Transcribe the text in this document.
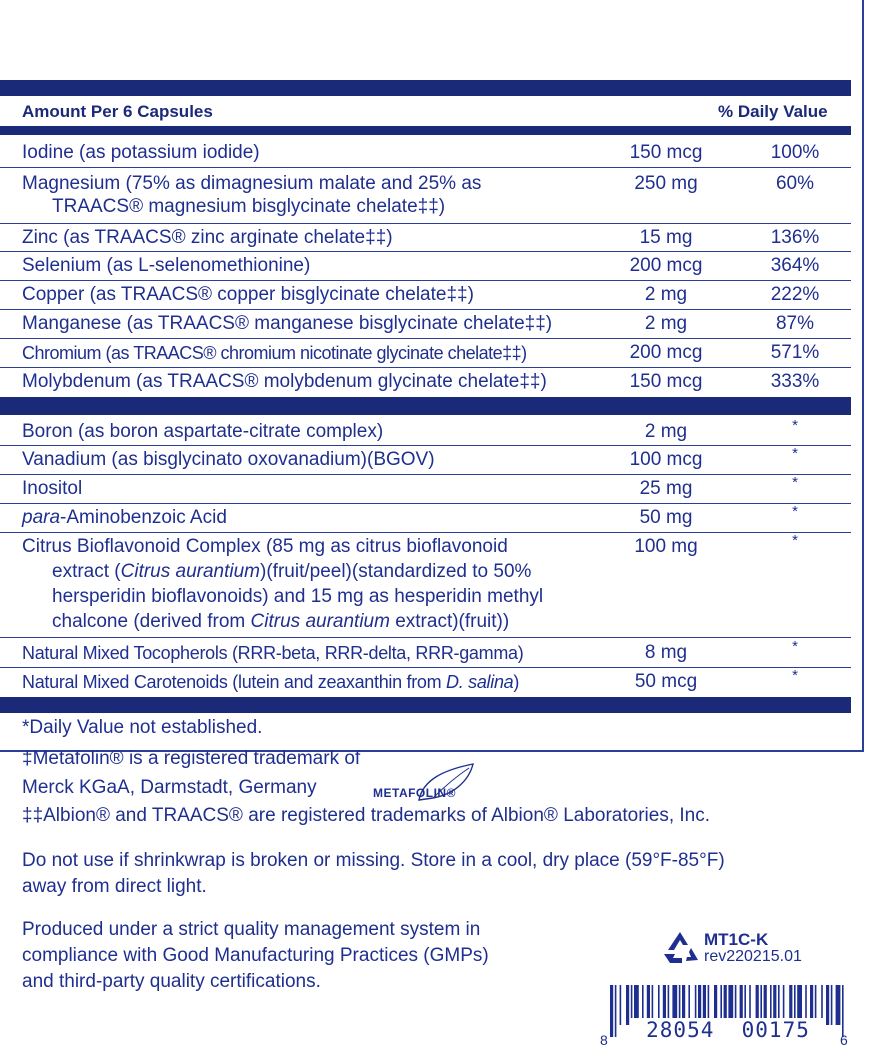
Amount Per 6 Capsules	% Daily Value
Iodine (as potassium iodide)	150 mcg	100%
Magnesium (75% as dimagnesium malate and 25% as
TRAACS® magnesium bisglycinate chelate‡‡)
250 mg	60%
Zinc (as TRAACS® zinc arginate chelate‡‡)	15 mg	136%
Selenium (as L-selenomethionine)	200 mcg	364%
Copper (as TRAACS® copper bisglycinate chelate‡‡)	2 mg	222%
Manganese (as TRAACS® manganese bisglycinate chelate‡‡)	2 mg	87%
Chromium (as TRAACS® chromium nicotinate glycinate chelate‡‡)	200 mcg	571%
Molybdenum (as TRAACS® molybdenum glycinate chelate‡‡)	150 mcg	333%
Boron (as boron aspartate-citrate complex)	2 mg	*
Vanadium (as bisglycinato oxovanadium)(BGOV)	100 mcg	*
Inositol	25 mg	*
para-Aminobenzoic Acid	50 mg	*
Citrus Bioflavonoid Complex (85 mg as citrus bioflavonoid
extract (Citrus aurantium)(fruit/peel)(standardized to 50%
hersperidin bioflavonoids) and 15 mg as hesperidin methyl
chalcone (derived from Citrus aurantium extract)(fruit))
100 mg	*
Natural Mixed Tocopherols (RRR-beta, RRR-delta, RRR-gamma)	8 mg	*
Natural Mixed Carotenoids (lutein and zeaxanthin from D. salina)	50 mcg	*
*Daily Value not established.
‡Metafolin® is a registered trademark of
Merck KGaA, Darmstadt, Germany	METAFOLIN®
‡‡Albion® and TRAACS® are registered trademarks of Albion® Laboratories, Inc.
Do not use if shrinkwrap is broken or missing. Store in a cool, dry place (59°F-85°F)
away from direct light.
Produced under a strict quality management system in
compliance with Good Manufacturing Practices (GMPs)
and third-party quality certifications.
MT1C-K
rev220215.01
8	28054  00175	6
